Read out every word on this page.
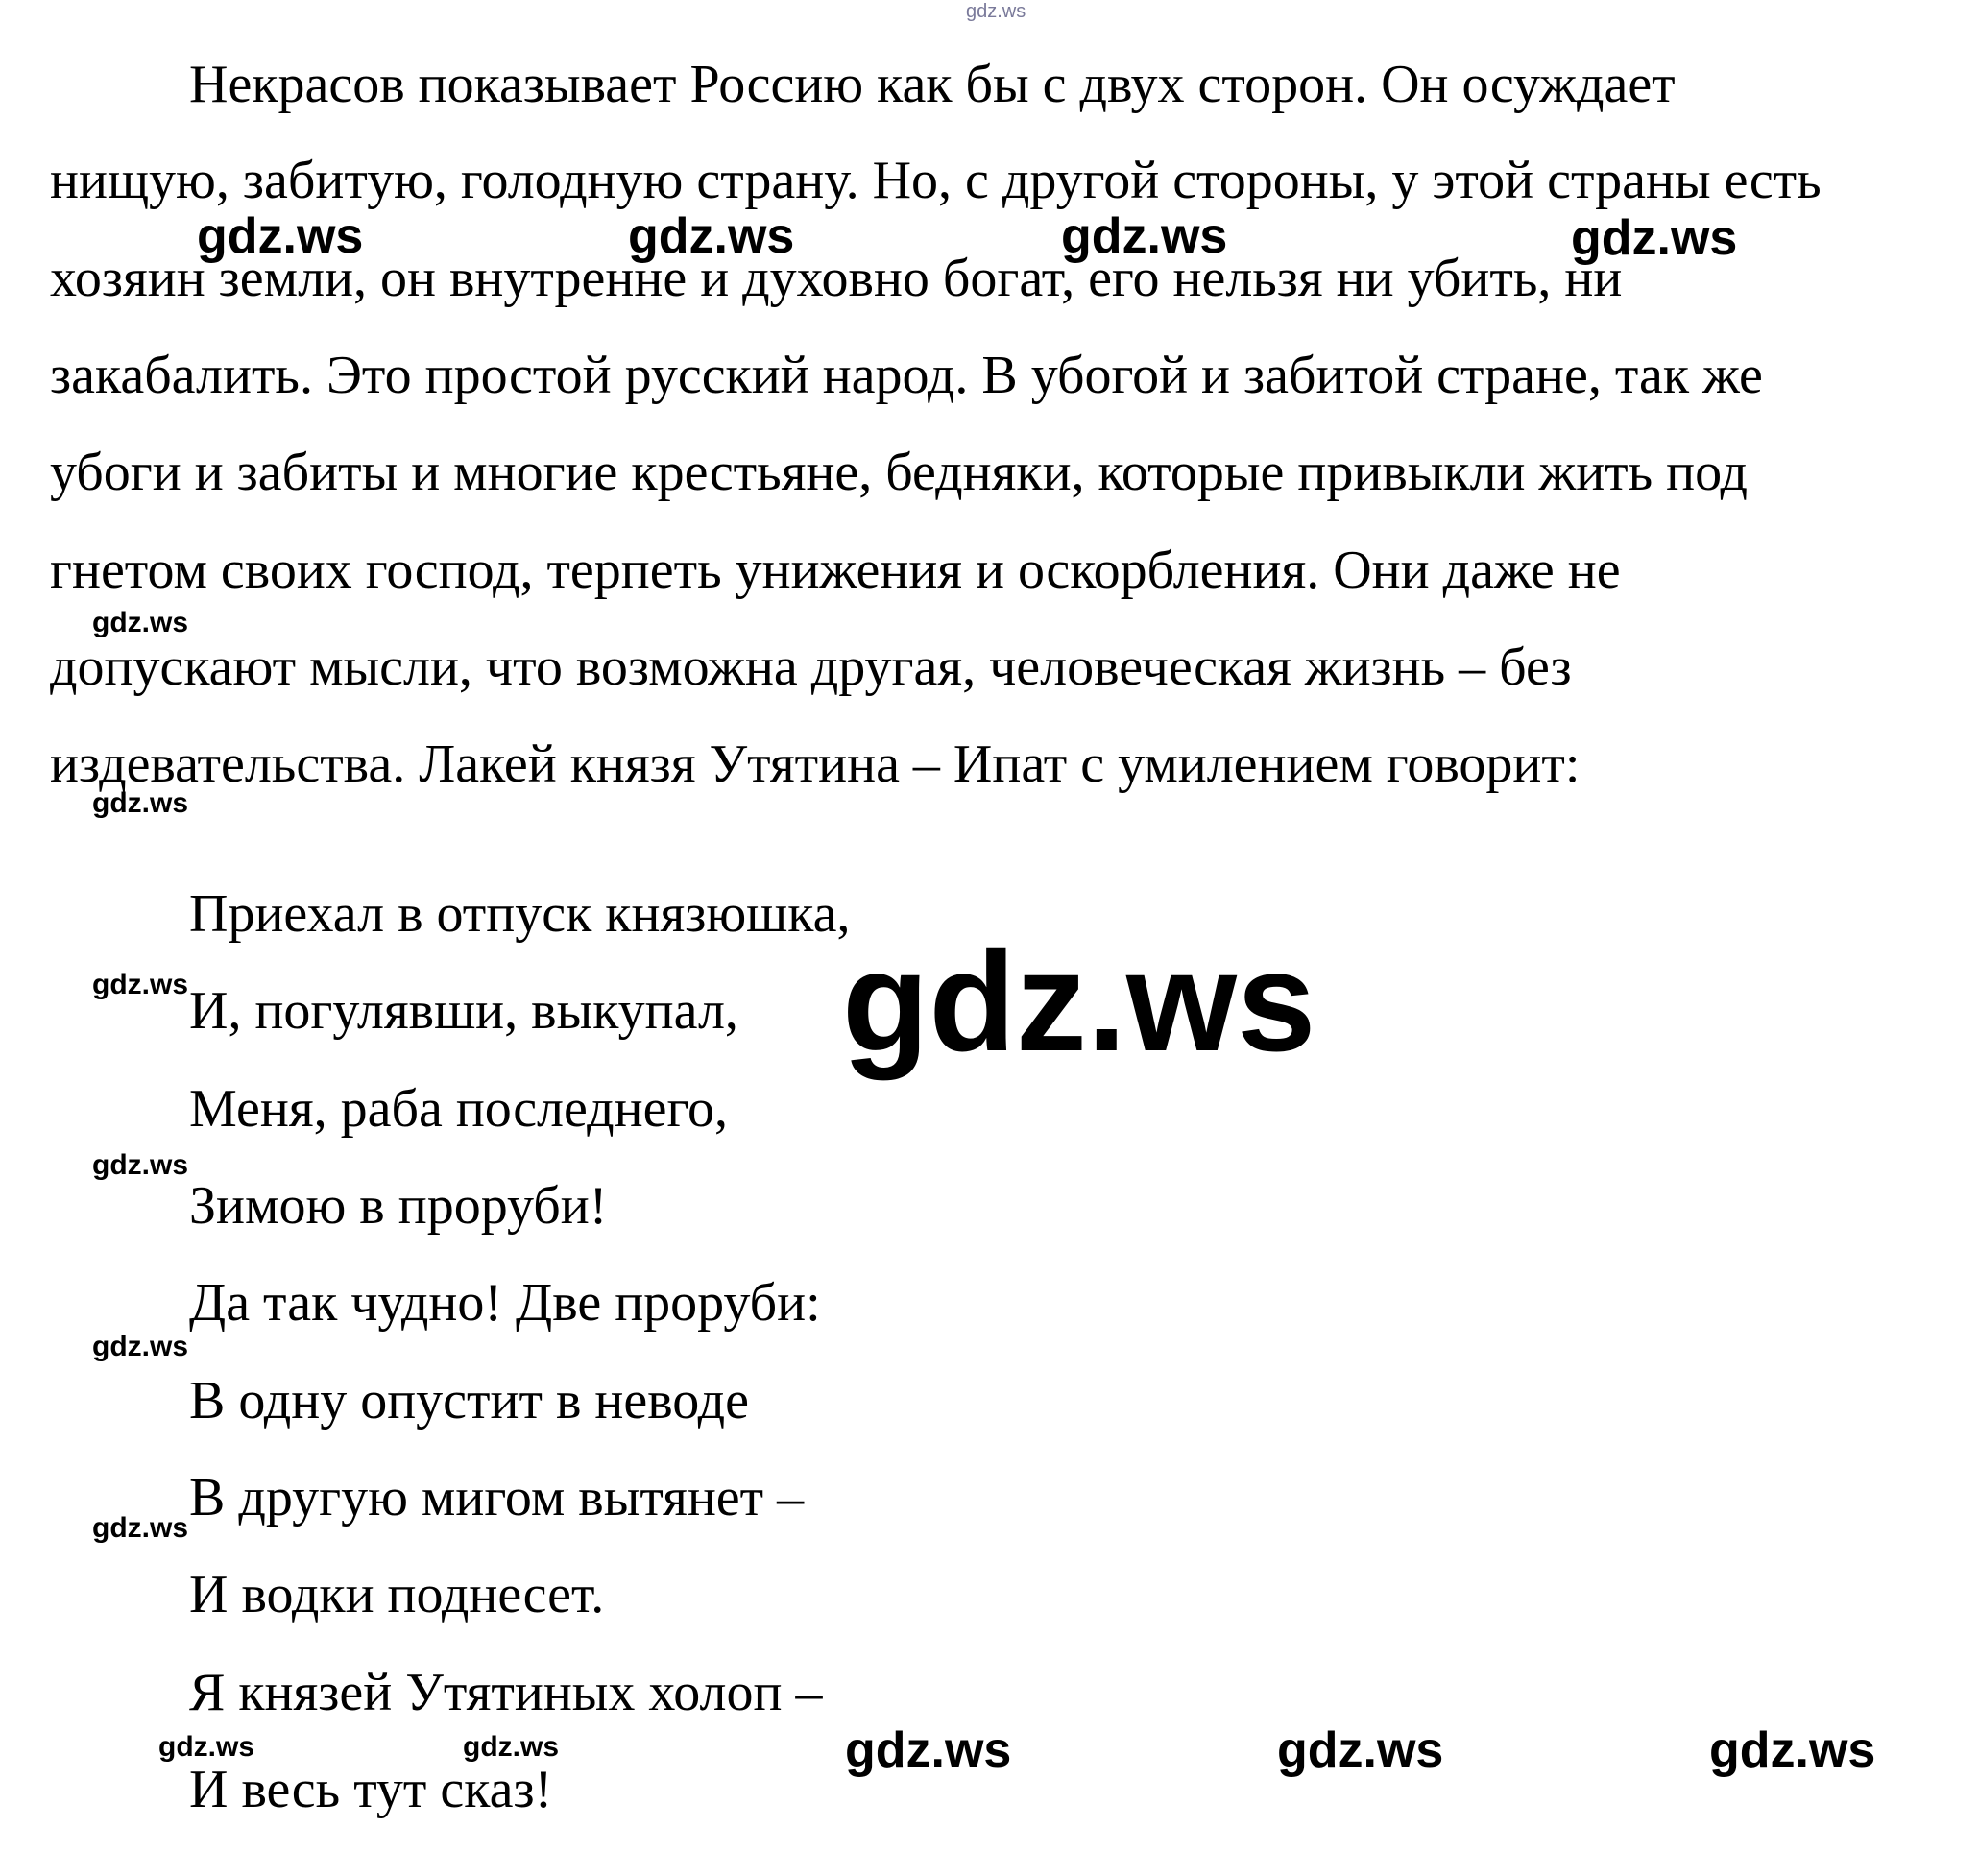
Некрасов показывает Россию как бы с двух сторон. Он осуждает

нищую, забитую, голодную страну. Но, с другой стороны, у этой страны есть

хозяин земли, он внутренне и духовно богат, его нельзя ни убить, ни

закабалить. Это простой русский народ. В убогой и забитой стране, так же

убоги и забиты и многие крестьяне, бедняки, которые привыкли жить под

гнетом своих господ, терпеть унижения и оскорбления. Они даже не

допускают мысли, что возможна другая, человеческая жизнь – без

издевательства. Лакей князя Утятина – Ипат с умилением говорит:

Приехал в отпуск князюшка,

И, погулявши, выкупал,

Меня, раба последнего,

Зимою в проруби!

Да так чудно! Две проруби:

В одну опустит в неводе

В другую мигом вытянет –

И водки поднесет.

Я князей Утятиных холоп –

И весь тут сказ!

gdz.ws
gdz.ws	gdz.ws	gdz.ws	gdz.ws
gdz.ws
gdz.ws
gdz.ws
gdz.ws
gdz.ws
gdz.ws
gdz.ws
gdz.ws	gdz.ws	gdz.ws	gdz.ws	gdz.ws
